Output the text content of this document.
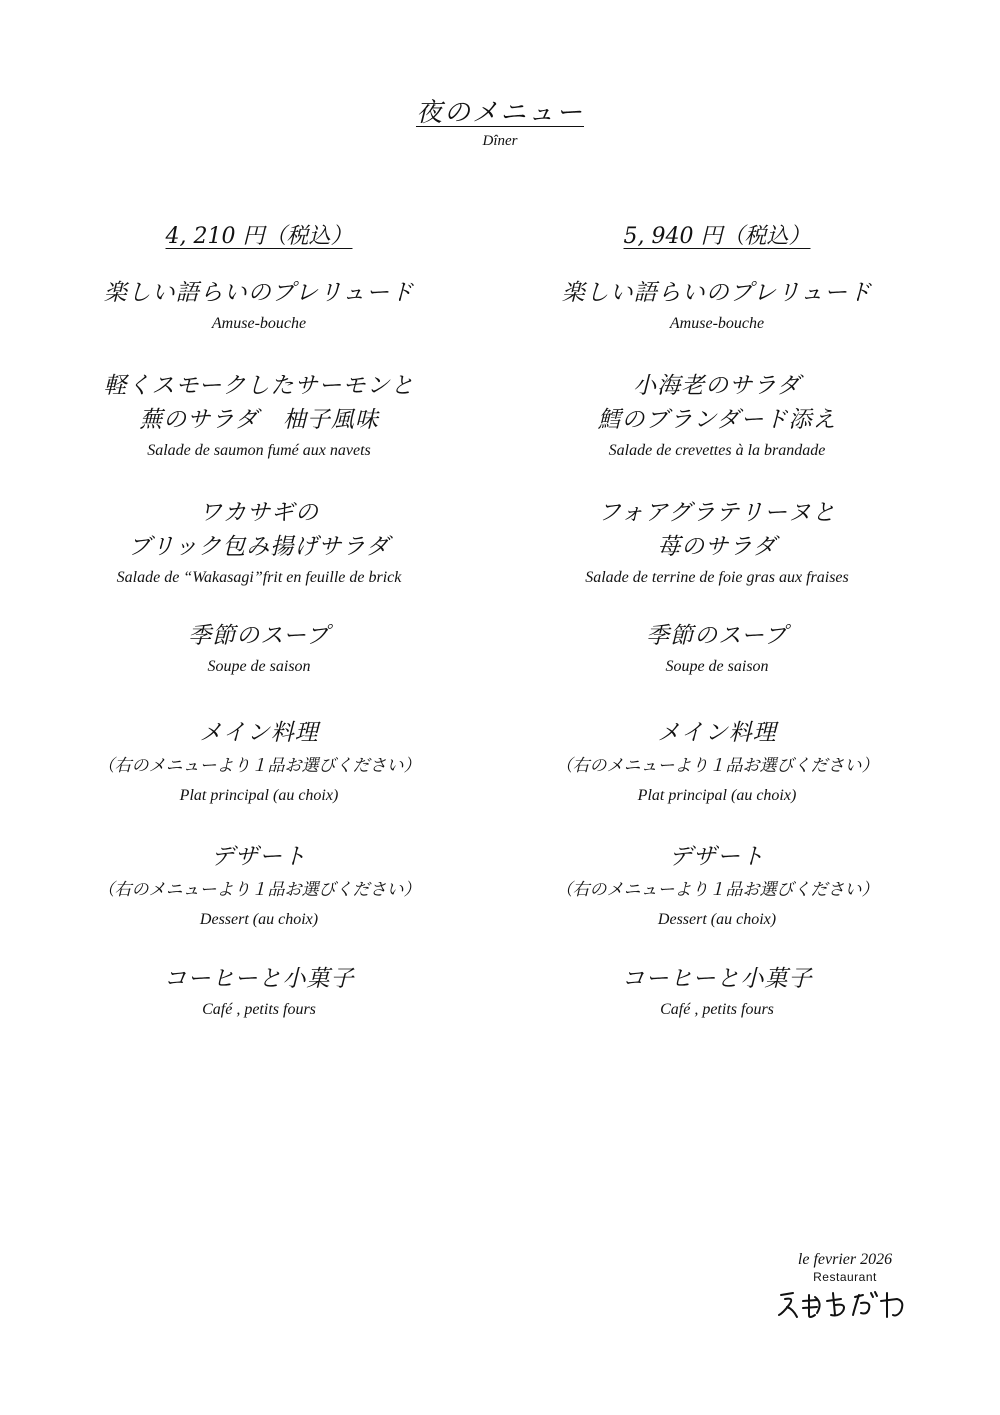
夜のメニュー
Dîner
4, 210 円（税込）
楽しい語らいのプレリュード
Amuse-bouche
軽くスモークしたサーモンと
蕪のサラダ　柚子風味
Salade de saumon fumé aux navets
ワカサギの
ブリック包み揚げサラダ
Salade de “Wakasagi”frit en feuille de brick
季節のスープ
Soupe de saison
メイン料理
（右のメニューより１品お選びください）
Plat principal (au choix)
デザート
（右のメニューより１品お選びください）
Dessert (au choix)
コーヒーと小菓子
Café , petits fours
5, 940 円（税込）
楽しい語らいのプレリュード
Amuse-bouche
小海老のサラダ
鱈のブランダード添え
Salade de crevettes à la brandade
フォアグラテリーヌと
苺のサラダ
Salade de terrine de foie gras aux fraises
季節のスープ
Soupe de saison
メイン料理
（右のメニューより１品お選びください）
Plat principal (au choix)
デザート
（右のメニューより１品お選びください）
Dessert (au choix)
コーヒーと小菓子
Café , petits fours
le fevrier 2026
Restaurant
